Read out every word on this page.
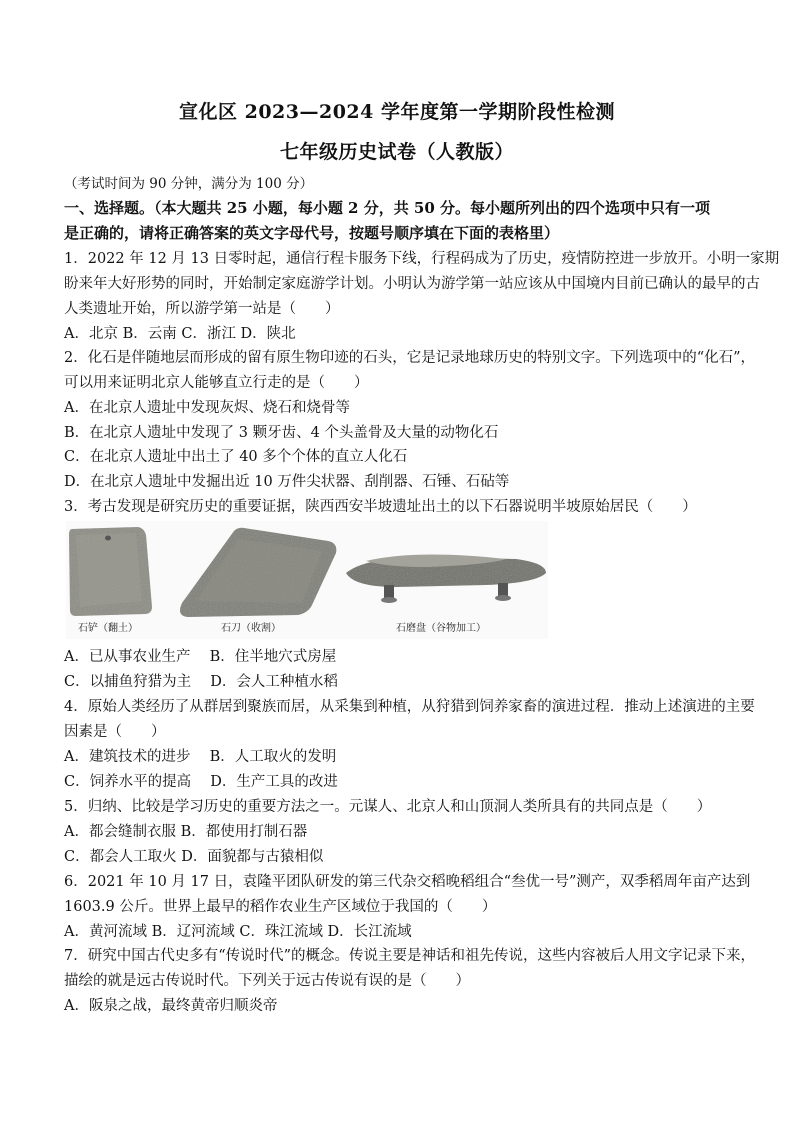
宣化区 2023—2024 学年度第一学期阶段性检测
七年级历史试卷（人教版）
（考试时间为 90 分钟，满分为 100 分）
一、选择题。（本大题共 25 小题，每小题 2 分，共 50 分。每小题所列出的四个选项中只有一项
是正确的，请将正确答案的英文字母代号，按题号顺序填在下面的表格里）
1．2022 年 12 月 13 日零时起，通信行程卡服务下线，行程码成为了历史，疫情防控进一步放开。小明一家期
盼来年大好形势的同时，开始制定家庭游学计划。小明认为游学第一站应该从中国境内目前已确认的最早的古
人类遗址开始，所以游学第一站是（　　）
A．北京 B．云南 C．浙江 D．陕北
2．化石是伴随地层而形成的留有原生物印迹的石头，它是记录地球历史的特别文字。下列选项中的“化石”，
可以用来证明北京人能够直立行走的是（　　）
A．在北京人遗址中发现灰烬、烧石和烧骨等
B．在北京人遗址中发现了 3 颗牙齿、4 个头盖骨及大量的动物化石
C．在北京人遗址中出土了 40 多个个体的直立人化石
D．在北京人遗址中发掘出近 10 万件尖状器、刮削器、石锤、石砧等
3．考古发现是研究历史的重要证据，陕西西安半坡遗址出土的以下石器说明半坡原始居民（　　）
石铲（翻土）	石刀（收割）	石磨盘（谷物加工）
A．已从事农业生产　 B．住半地穴式房屋
C．以捕鱼狩猎为主　 D．会人工种植水稻
4．原始人类经历了从群居到聚族而居，从采集到种植，从狩猎到饲养家畜的演进过程．推动上述演进的主要
因素是（　　）
A．建筑技术的进步　 B．人工取火的发明
C．饲养水平的提高　 D．生产工具的改进
5．归纳、比较是学习历史的重要方法之一。元谋人、北京人和山顶洞人类所具有的共同点是（　　）
A．都会缝制衣服 B．都使用打制石器
C．都会人工取火 D．面貌都与古猿相似
6．2021 年 10 月 17 日，袁隆平团队研发的第三代杂交稻晚稻组合“叁优一号”测产，双季稻周年亩产达到
1603.9 公斤。世界上最早的稻作农业生产区域位于我国的（　　）
A．黄河流域 B．辽河流域 C．珠江流域 D．长江流域
7．研究中国古代史多有“传说时代”的概念。传说主要是神话和祖先传说，这些内容被后人用文字记录下来，
描绘的就是远古传说时代。下列关于远古传说有误的是（　　）
A．阪泉之战，最终黄帝归顺炎帝
